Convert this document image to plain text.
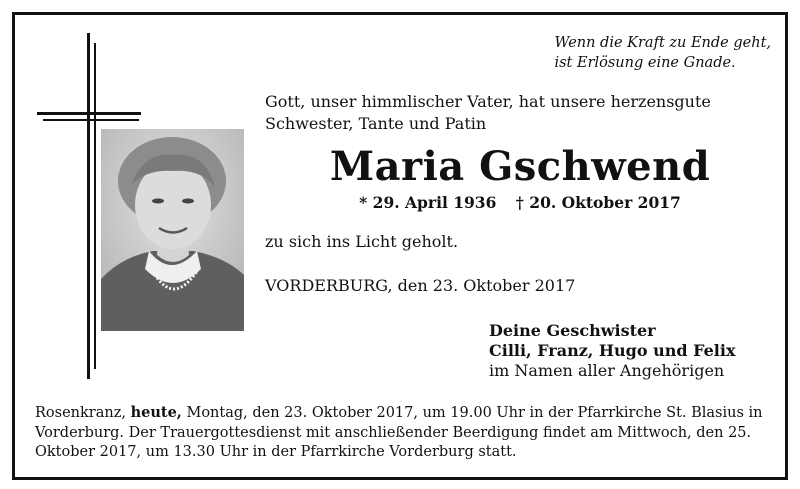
Wenn die Kraft zu Ende geht,
ist Erlösung eine Gnade.
Gott, unser himmlischer Vater, hat unsere herzensgute
Schwester, Tante und Patin
Maria Gschwend
* 29. April 1936 † 20. Oktober 2017
zu sich ins Licht geholt.
VORDERBURG, den 23. Oktober 2017
Deine Geschwister
Cilli, Franz, Hugo und Felix
im Namen aller Angehörigen
Rosenkranz, heute, Montag, den 23. Oktober 2017, um 19.00 Uhr in der Pfarrkirche St. Blasius in Vorderburg. Der Trauergottesdienst mit anschließender Beerdigung findet am Mittwoch, den 25. Oktober 2017, um 13.30 Uhr in der Pfarrkirche Vorderburg statt.
